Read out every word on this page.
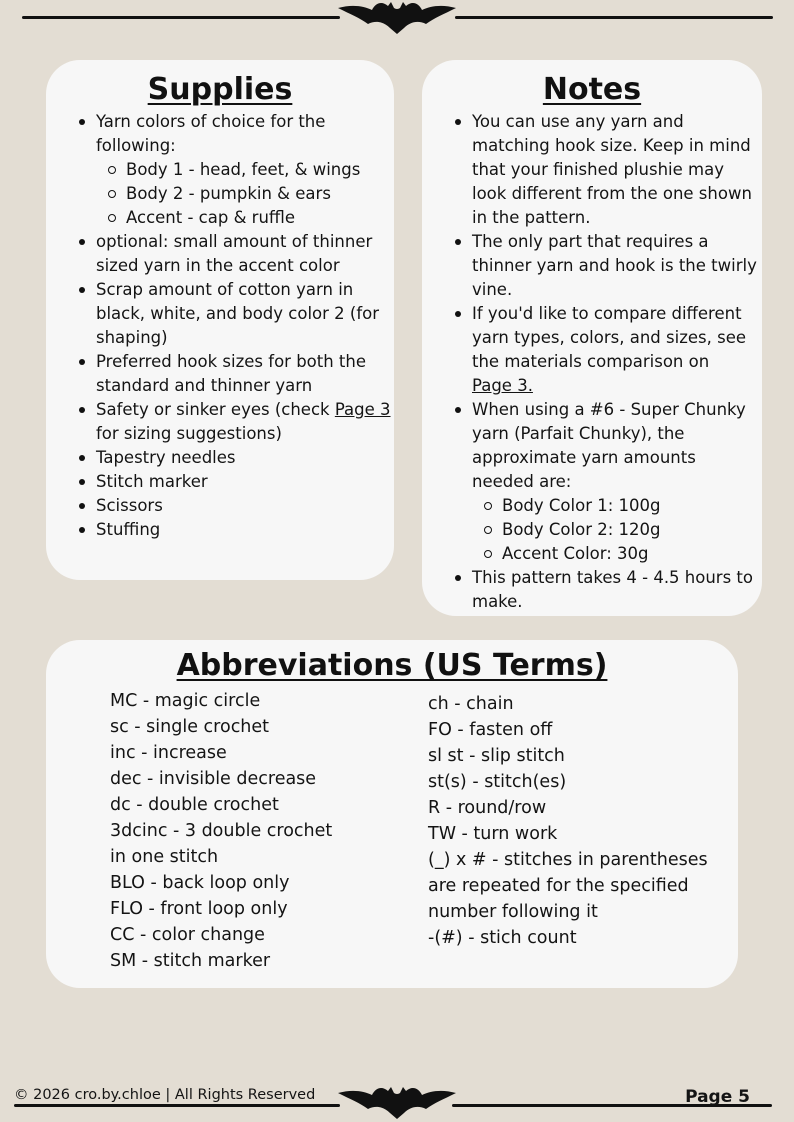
Supplies
Yarn colors of choice for the following:
Body 1 - head, feet, & wings
Body 2 - pumpkin & ears
Accent - cap & ruffle
optional: small amount of thinner sized yarn in the accent color
Scrap amount of cotton yarn in black, white, and body color 2 (for shaping)
Preferred hook sizes for both the standard and thinner yarn
Safety or sinker eyes (check Page 3 for sizing suggestions)
Tapestry needles
Stitch marker
Scissors
Stuffing
Notes
You can use any yarn and matching hook size. Keep in mind that your finished plushie may look different from the one shown in the pattern.
The only part that requires a thinner yarn and hook is the twirly vine.
If you'd like to compare different yarn types, colors, and sizes, see the materials comparison on
Page 3.
When using a #6 - Super Chunky yarn (Parfait Chunky), the approximate yarn amounts needed are:
Body Color 1: 100g
Body Color 2: 120g
Accent Color: 30g
This pattern takes 4 - 4.5 hours to make.
Abbreviations (US Terms)
MC - magic circle
sc - single crochet
inc - increase
dec - invisible decrease
dc - double crochet
3dcinc - 3 double crochet
in one stitch
BLO - back loop only
FLO - front loop only
CC - color change
SM - stitch marker
ch - chain
FO - fasten off
sl st - slip stitch
st(s) - stitch(es)
R - round/row
TW - turn work
(_) x # - stitches in parentheses
are repeated for the specified
number following it
-(#) - stich count
© 2026 cro.by.chloe | All Rights Reserved	Page 5
